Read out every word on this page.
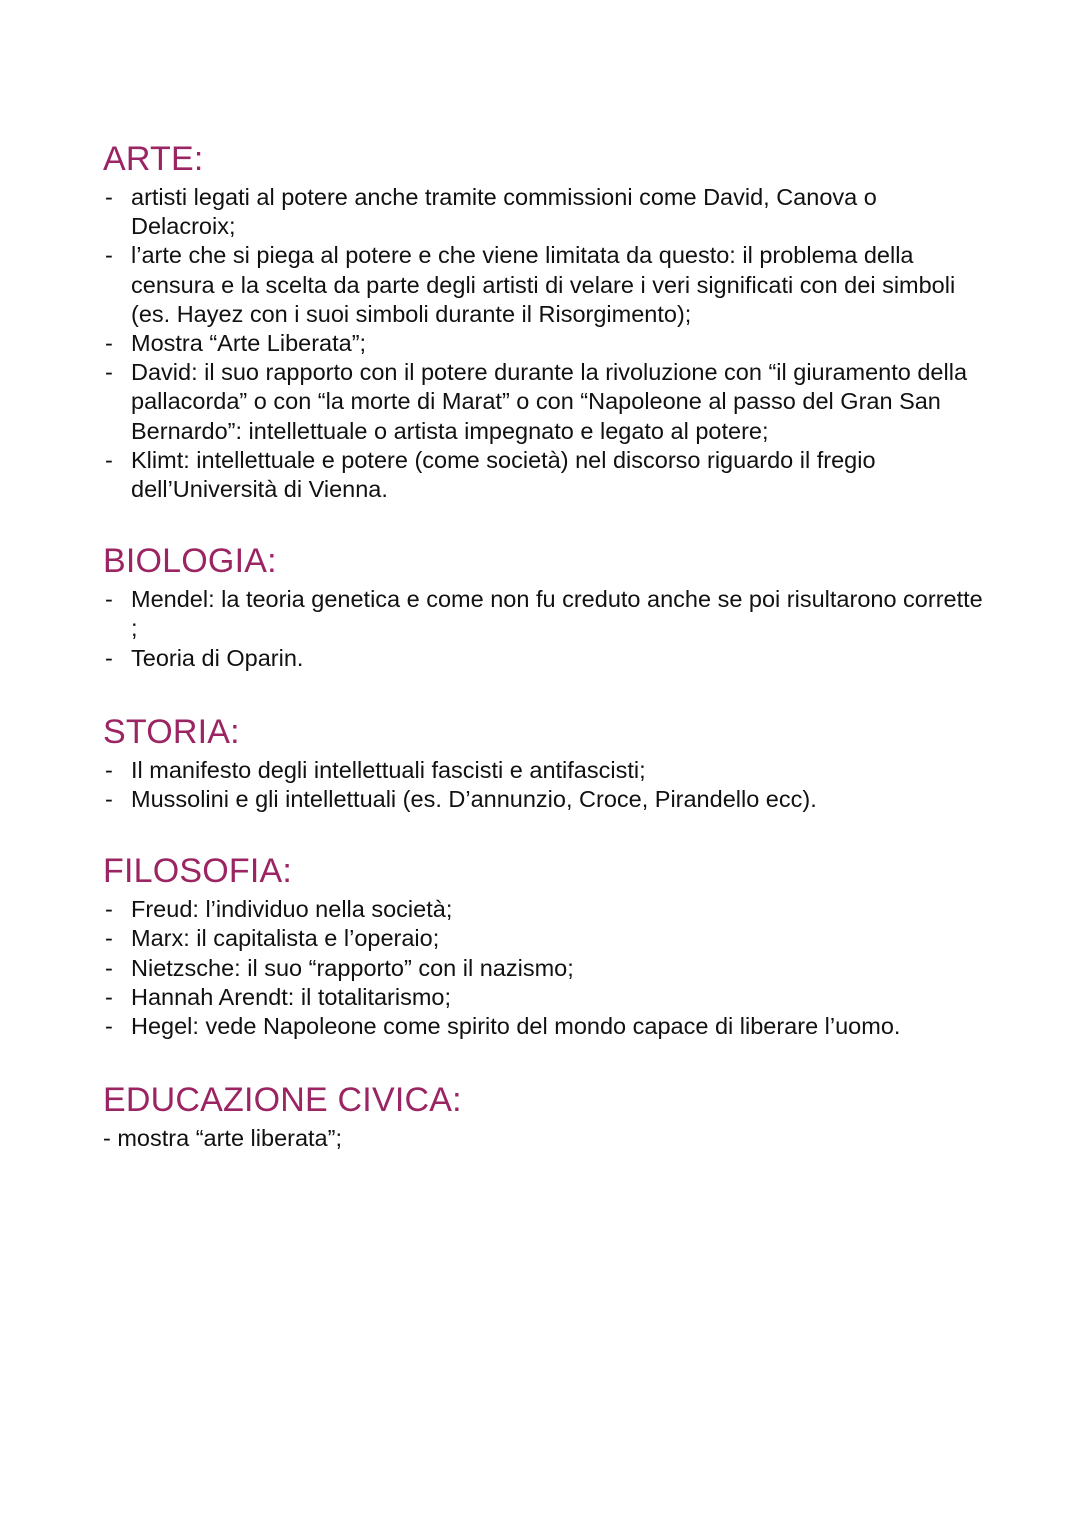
ARTE:
- artisti legati al potere anche tramite commissioni come David, Canova o Delacroix;
- l’arte che si piega al potere e che viene limitata da questo: il problema della censura e la scelta da parte degli artisti di velare i veri significati con dei simboli (es. Hayez con i suoi simboli durante il Risorgimento);
- Mostra “Arte Liberata”;
- David: il suo rapporto con il potere durante la rivoluzione con “il giuramento della pallacorda” o con “la morte di Marat” o con “Napoleone al passo del Gran San Bernardo”: intellettuale o artista impegnato e legato al potere;
- Klimt: intellettuale e potere (come società) nel discorso riguardo il fregio dell’Università di Vienna.
BIOLOGIA:
- Mendel: la teoria genetica e come non fu creduto anche se poi risultarono corrette ;
- Teoria di Oparin.
STORIA:
- Il manifesto degli intellettuali fascisti e antifascisti;
- Mussolini e gli intellettuali (es. D’annunzio, Croce, Pirandello ecc).
FILOSOFIA:
- Freud: l’individuo nella società;
- Marx: il capitalista e l’operaio;
- Nietzsche: il suo “rapporto” con il nazismo;
- Hannah Arendt: il totalitarismo;
- Hegel: vede Napoleone come spirito del mondo capace di liberare l’uomo.
EDUCAZIONE CIVICA:

- mostra “arte liberata”;
